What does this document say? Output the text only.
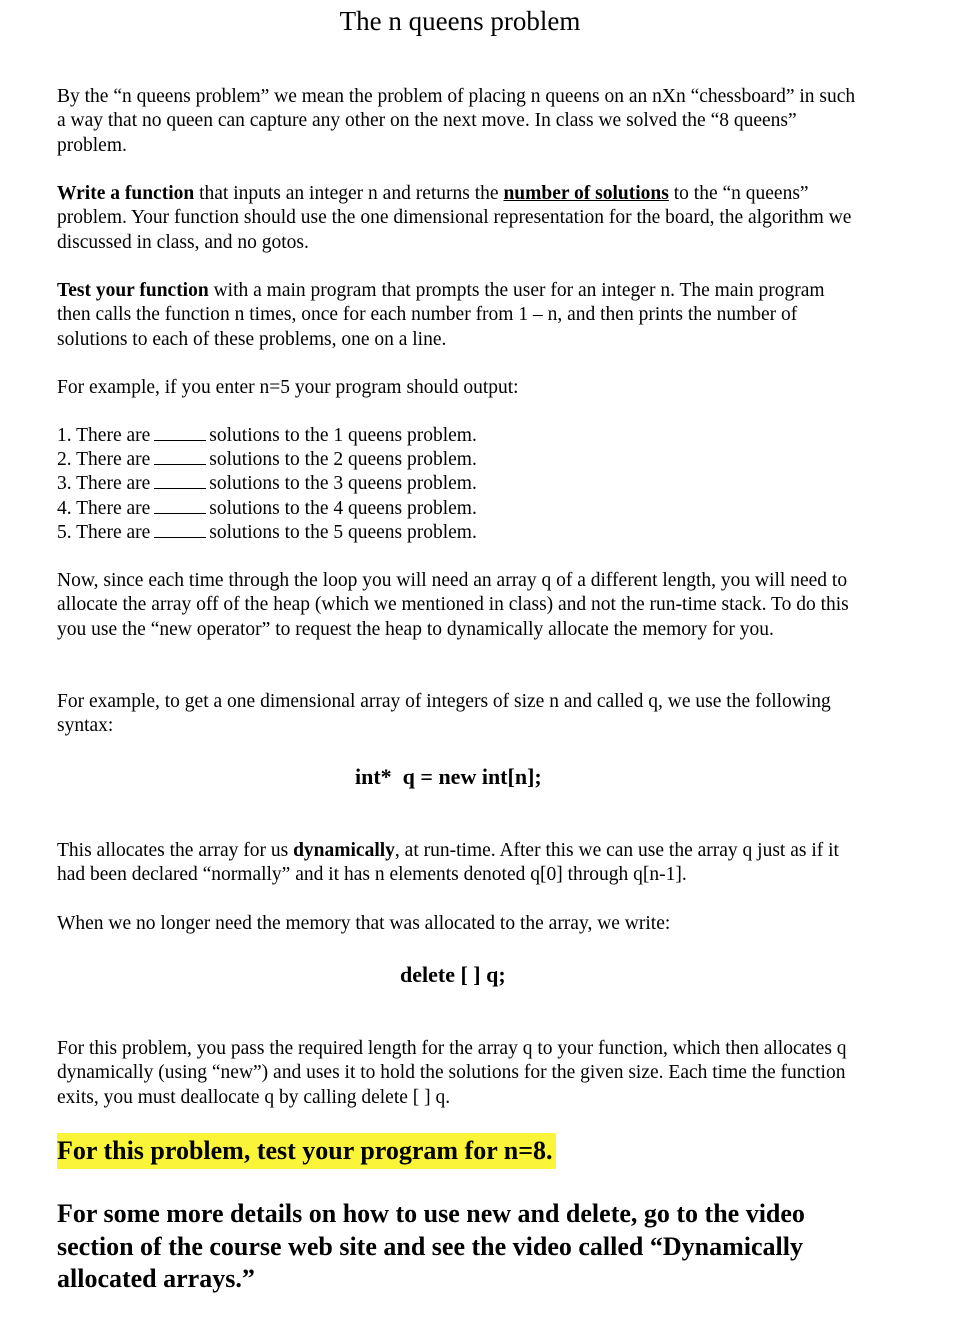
The n queens problem

By the “n queens problem” we mean the problem of placing n queens on an nXn “chessboard” in such a way that no queen can capture any other on the next move. In class we solved the “8 queens” problem.

Write a function that inputs an integer n and returns the number of solutions to the “n queens” problem. Your function should use the one dimensional representation for the board, the algorithm we discussed in class, and no gotos.

Test your function with a main program that prompts the user for an integer n. The main program then calls the function n times, once for each number from 1 – n, and then prints the number of solutions to each of these problems, one on a line.

For example, if you enter n=5 your program should output:

1. There are	solutions to the 1 queens problem.
2. There are	solutions to the 2 queens problem.
3. There are	solutions to the 3 queens problem.
4. There are	solutions to the 4 queens problem.
5. There are	solutions to the 5 queens problem.

Now, since each time through the loop you will need an array q of a different length, you will need to allocate the array off of the heap (which we mentioned in class) and not the run-time stack. To do this you use the “new operator” to request the heap to dynamically allocate the memory for you.

For example, to get a one dimensional array of integers of size n and called q, we use the following syntax:

int*  q = new int[n];

This allocates the array for us dynamically, at run-time. After this we can use the array q just as if it had been declared “normally” and it has n elements denoted q[0] through q[n-1].

When we no longer need the memory that was allocated to the array, we write:

delete [ ] q;

For this problem, you pass the required length for the array q to your function, which then allocates q dynamically (using “new”) and uses it to hold the solutions for the given size. Each time the function exits, you must deallocate q by calling delete [ ] q.

For this problem, test your program for n=8.

For some more details on how to use new and delete, go to the video section of the course web site and see the video called “Dynamically allocated arrays.”
